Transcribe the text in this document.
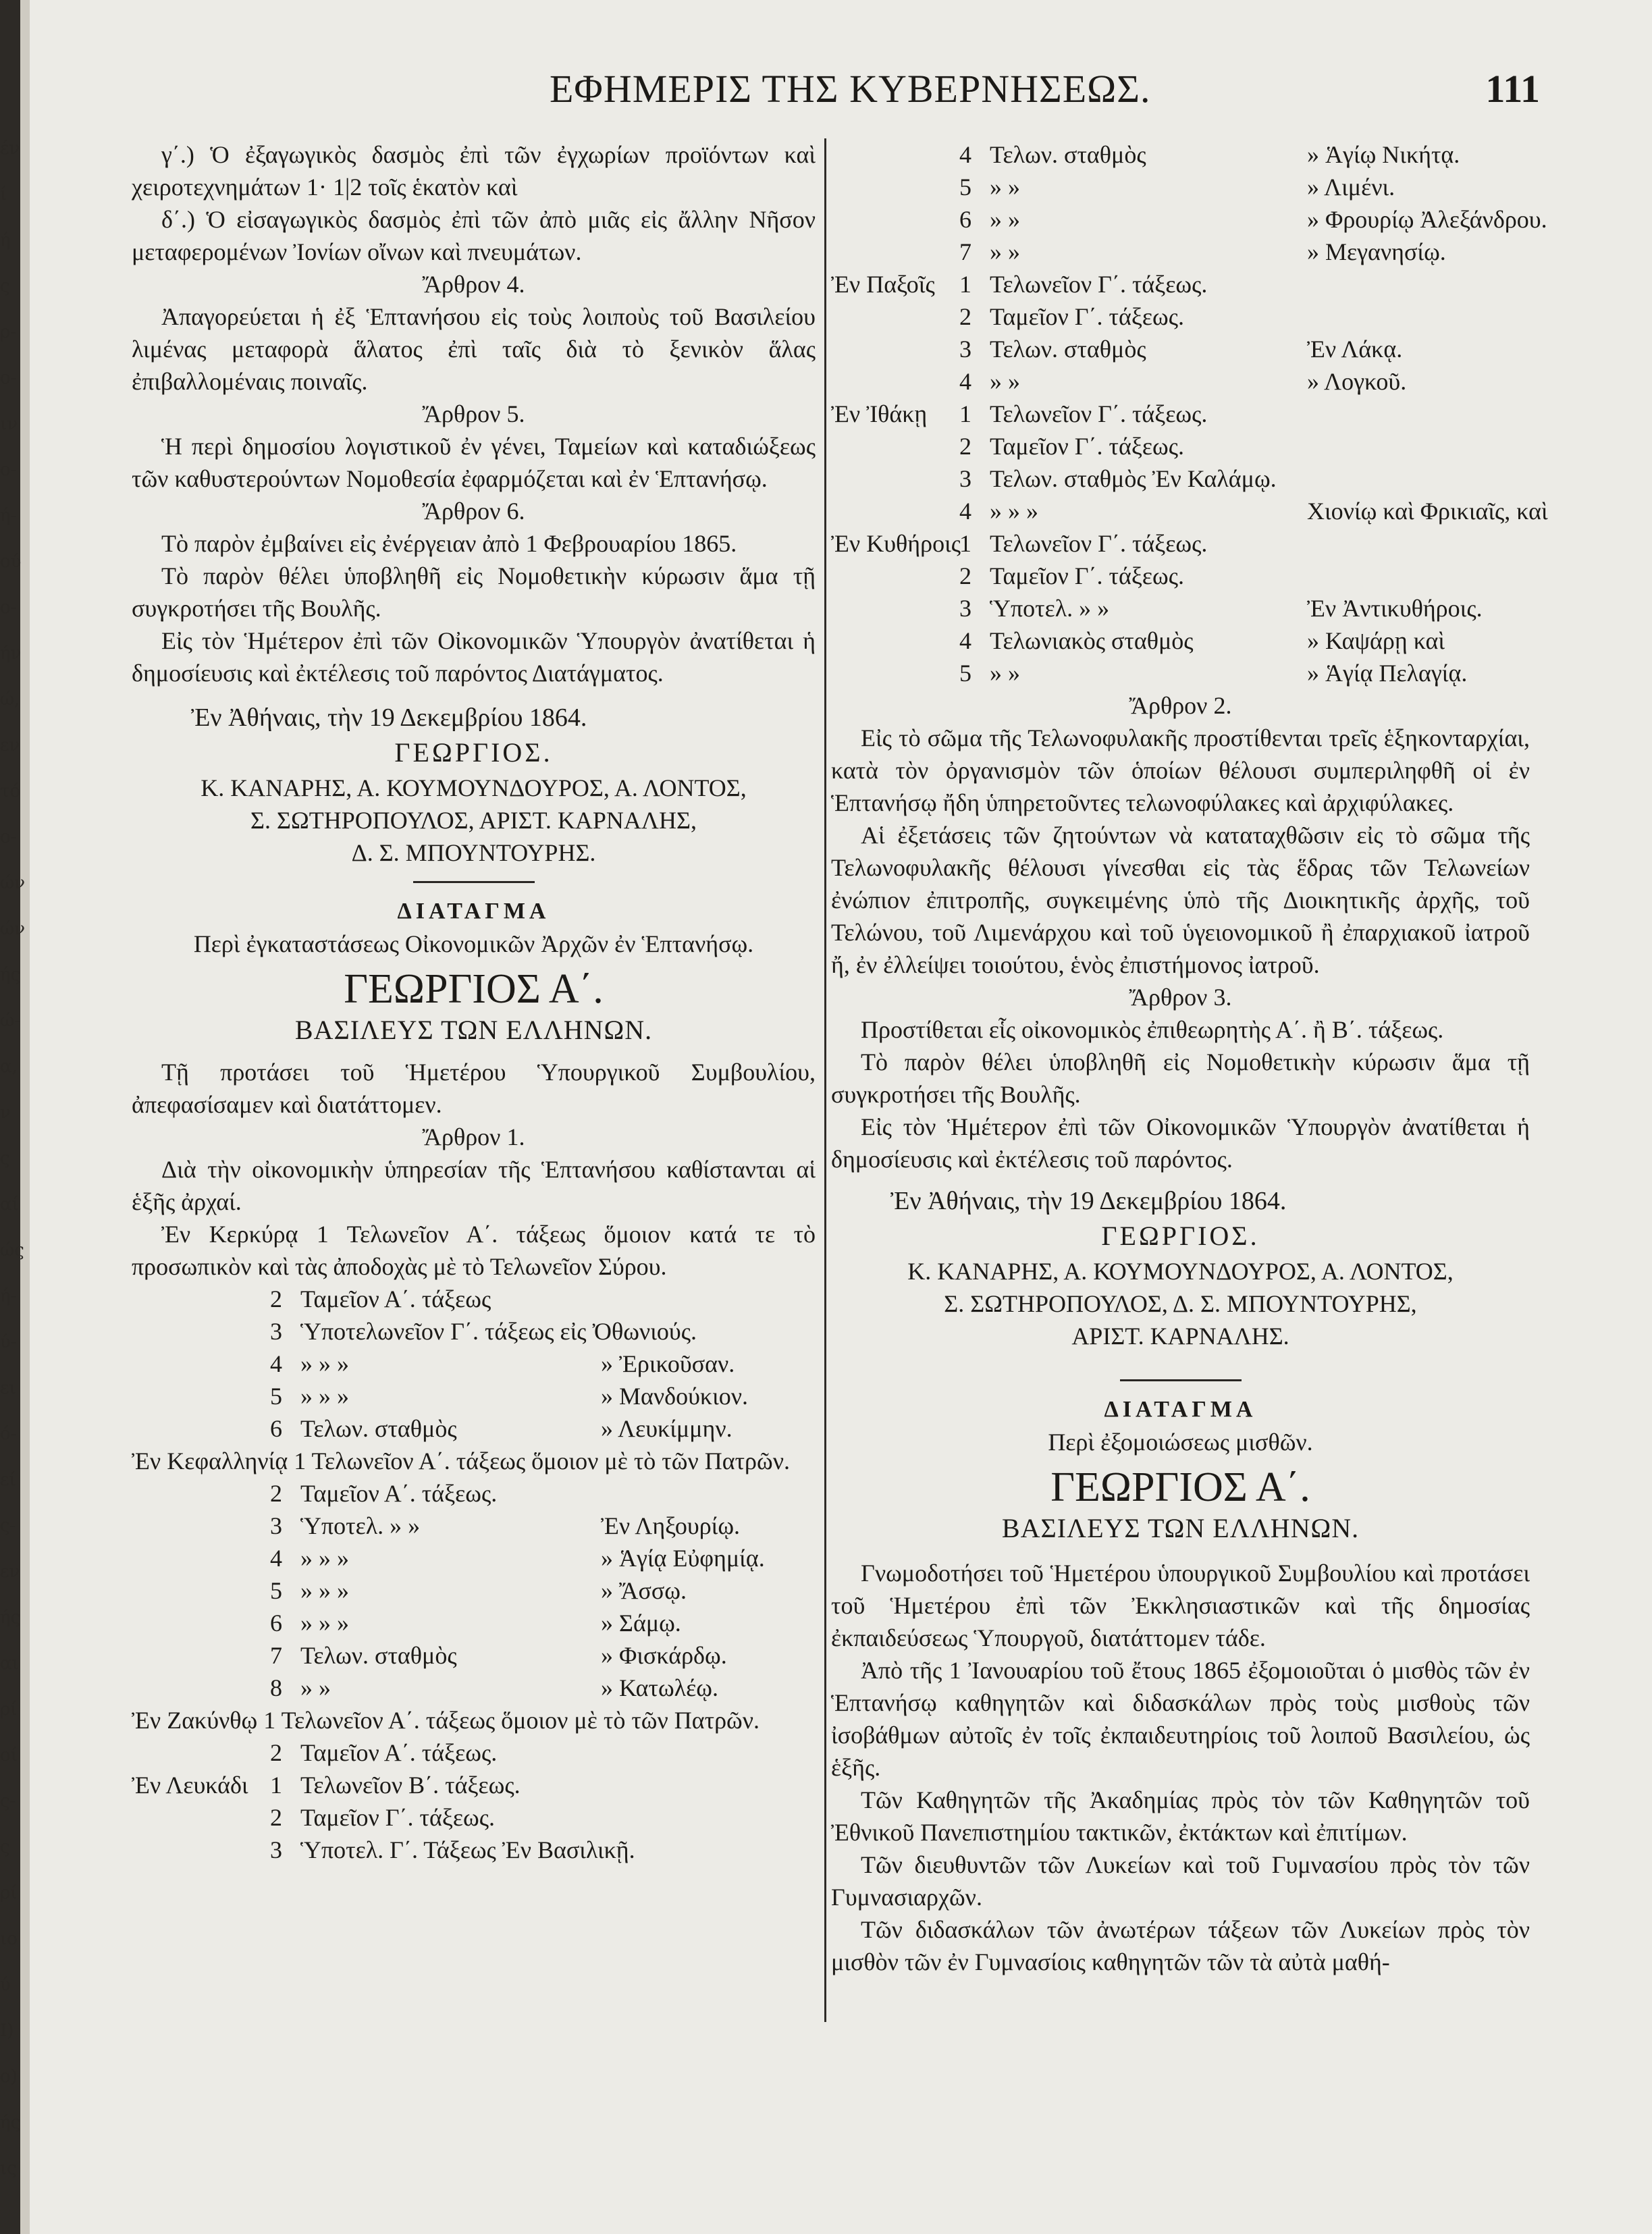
έν
ί
ή
ς
ρ-
ο-
ιν
ο-
ή-
ού
ο-
ήν
ώ,
εν
τό
ο-
ών
ών
ής
ώ-
α,
ν
ς
αί
ώς
ή-
ύ-
ει
ό-
εί
ς-
εν
ής
αι
ρί
οί
ς-
ς
ρί
ιο
ύ
Ι)
ο)
ής
ις
ΕΦΗΜΕΡΙΣ ΤΗΣ ΚΥΒΕΡΝΗΣΕΩΣ.	111

γ΄.) Ὁ ἐξαγωγικὸς δασμὸς ἐπὶ τῶν ἐγχωρίων προϊόντων καὶ χειροτεχνημάτων 1· 1|2 τοῖς ἑκατὸν καὶ

δ΄.) Ὁ εἰσαγωγικὸς δασμὸς ἐπὶ τῶν ἀπὸ μιᾶς εἰς ἄλλην Νῆσον μεταφερομένων Ἰονίων οἴνων καὶ πνευμάτων.

Ἄρθρον 4.

Ἀπαγορεύεται ἡ ἐξ Ἑπτανήσου εἰς τοὺς λοιποὺς τοῦ Βασιλείου λιμένας μεταφορὰ ἅλατος ἐπὶ ταῖς διὰ τὸ ξενικὸν ἅλας ἐπιβαλλομέναις ποιναῖς.

Ἄρθρον 5.

Ἡ περὶ δημοσίου λογιστικοῦ ἐν γένει, Ταμείων καὶ καταδιώξεως τῶν καθυστερούντων Νομοθεσία ἐφαρμόζεται καὶ ἐν Ἑπτανήσῳ.

Ἄρθρον 6.

Τὸ παρὸν ἐμβαίνει εἰς ἐνέργειαν ἀπὸ 1 Φεβρουαρίου 1865.

Τὸ παρὸν θέλει ὑποβληθῆ εἰς Νομοθετικὴν κύρωσιν ἅμα τῇ συγκροτήσει τῆς Βουλῆς.

Εἰς τὸν Ἡμέτερον ἐπὶ τῶν Οἰκονομικῶν Ὑπουργὸν ἀνατίθεται ἡ δημοσίευσις καὶ ἐκτέλεσις τοῦ παρόντος Διατάγματος.

Ἐν Ἀθήναις, τὴν 19 Δεκεμβρίου 1864.

ΓΕΩΡΓΙΟΣ.

Κ. ΚΑΝΑΡΗΣ, Α. ΚΟΥΜΟΥΝΔΟΥΡΟΣ, Α. ΛΟΝΤΟΣ,

Σ. ΣΩΤΗΡΟΠΟΥΛΟΣ, ΑΡΙΣΤ. ΚΑΡΝΑΛΗΣ,

Δ. Σ. ΜΠΟΥΝΤΟΥΡΗΣ.

ΔΙΑΤΑΓΜΑ

Περὶ ἐγκαταστάσεως Οἰκονομικῶν Ἀρχῶν ἐν Ἑπτανήσῳ.

ΓΕΩΡΓΙΟΣ Α΄.

ΒΑΣΙΛΕΥΣ ΤΩΝ ΕΛΛΗΝΩΝ.

Τῇ προτάσει τοῦ Ἡμετέρου Ὑπουργικοῦ Συμβουλίου, ἀπεφασίσαμεν καὶ διατάττομεν.

Ἄρθρον 1.

Διὰ τὴν οἰκονομικὴν ὑπηρεσίαν τῆς Ἑπτανήσου καθίστανται αἱ ἑξῆς ἀρχαί.

Ἐν Κερκύρᾳ 1 Τελωνεῖον Α΄. τάξεως ὅμοιον κατά τε τὸ προσωπικὸν καὶ τὰς ἀποδοχὰς μὲ τὸ Τελωνεῖον Σύρου.

2 Ταμεῖον Α΄. τάξεως
3 Ὑποτελωνεῖον Γ΄. τάξεως εἰς Ὀθωνιούς.
4 » » »	» Ἐρικοῦσαν.
5 » » »	» Μανδούκιον.
6 Τελων. σταθμὸς	» Λευκίμμην.

Ἐν Κεφαλληνίᾳ 1 Τελωνεῖον Α΄. τάξεως ὅμοιον μὲ τὸ τῶν Πατρῶν.

2 Ταμεῖον Α΄. τάξεως.
3 Ὑποτελ. » »	Ἐν Ληξουρίῳ.
4 » » »	» Ἁγίᾳ Εὐφημίᾳ.
5 » » »	» Ἄσσῳ.
6 » » »	» Σάμῳ.
7 Τελων. σταθμὸς	» Φισκάρδῳ.
8 » »	» Κατωλέῳ.

Ἐν Ζακύνθῳ 1 Τελωνεῖον Α΄. τάξεως ὅμοιον μὲ τὸ τῶν Πατρῶν.

2 Ταμεῖον Α΄. τάξεως.
Ἐν Λευκάδι 1 Τελωνεῖον Β΄. τάξεως.
2 Ταμεῖον Γ΄. τάξεως.
3 Ὑποτελ. Γ΄. Τάξεως Ἐν Βασιλικῇ.
4 Τελων. σταθμὸς	» Ἁγίῳ Νικήτᾳ.
5 » »	» Λιμένι.
6 » »	» Φρουρίῳ Ἀλεξάνδρου.
7 » »	» Μεγανησίῳ.
Ἐν Παξοῖς	1 Τελωνεῖον Γ΄. τάξεως.
2 Ταμεῖον Γ΄. τάξεως.
3 Τελων. σταθμὸς	Ἐν Λάκᾳ.
4 » »	» Λογκοῦ.
Ἐν Ἰθάκῃ	1 Τελωνεῖον Γ΄. τάξεως.
2 Ταμεῖον Γ΄. τάξεως.
3 Τελων. σταθμὸς Ἐν Καλάμῳ.
4 » » »	Χιονίῳ καὶ Φρικιαῖς, καὶ
Ἐν Κυθήροις
1 Τελωνεῖον Γ΄. τάξεως.
2 Ταμεῖον Γ΄. τάξεως.
3 Ὑποτελ. » »	Ἐν Ἀντικυθήροις.
4 Τελωνιακὸς σταθμὸς	» Καψάρῃ καὶ
5 » »	» Ἁγίᾳ Πελαγίᾳ.

Ἄρθρον 2.

Εἰς τὸ σῶμα τῆς Τελωνοφυλακῆς προστίθενται τρεῖς ἑξηκονταρχίαι, κατὰ τὸν ὀργανισμὸν τῶν ὁποίων θέλουσι συμπεριληφθῆ οἱ ἐν Ἑπτανήσῳ ἤδη ὑπηρετοῦντες τελωνοφύλακες καὶ ἀρχιφύλακες.

Αἱ ἐξετάσεις τῶν ζητούντων νὰ καταταχθῶσιν εἰς τὸ σῶμα τῆς Τελωνοφυλακῆς θέλουσι γίνεσθαι εἰς τὰς ἕδρας τῶν Τελωνείων ἐνώπιον ἐπιτροπῆς, συγκειμένης ὑπὸ τῆς Διοικητικῆς ἀρχῆς, τοῦ Τελώνου, τοῦ Λιμενάρχου καὶ τοῦ ὑγειονομικοῦ ἢ ἐπαρχιακοῦ ἰατροῦ ἤ, ἐν ἐλλείψει τοιούτου, ἑνὸς ἐπιστήμονος ἰατροῦ.

Ἄρθρον 3.

Προστίθεται εἷς οἰκονομικὸς ἐπιθεωρητὴς Α΄. ἢ Β΄. τάξεως.

Τὸ παρὸν θέλει ὑποβληθῆ εἰς Νομοθετικὴν κύρωσιν ἅμα τῇ συγκροτήσει τῆς Βουλῆς.

Εἰς τὸν Ἡμέτερον ἐπὶ τῶν Οἰκονομικῶν Ὑπουργὸν ἀνατίθεται ἡ δημοσίευσις καὶ ἐκτέλεσις τοῦ παρόντος.

Ἐν Ἀθήναις, τὴν 19 Δεκεμβρίου 1864.

ΓΕΩΡΓΙΟΣ.

Κ. ΚΑΝΑΡΗΣ, Α. ΚΟΥΜΟΥΝΔΟΥΡΟΣ, Α. ΛΟΝΤΟΣ,

Σ. ΣΩΤΗΡΟΠΟΥΛΟΣ, Δ. Σ. ΜΠΟΥΝΤΟΥΡΗΣ,

ΑΡΙΣΤ. ΚΑΡΝΑΛΗΣ.

ΔΙΑΤΑΓΜΑ

Περὶ ἐξομοιώσεως μισθῶν.

ΓΕΩΡΓΙΟΣ Α΄.

ΒΑΣΙΛΕΥΣ ΤΩΝ ΕΛΛΗΝΩΝ.

Γνωμοδοτήσει τοῦ Ἡμετέρου ὑπουργικοῦ Συμβουλίου καὶ προτάσει τοῦ Ἡμετέρου ἐπὶ τῶν Ἐκκλησιαστικῶν καὶ τῆς δημοσίας ἐκπαιδεύσεως Ὑπουργοῦ, διατάττομεν τάδε.

Ἀπὸ τῆς 1 Ἰανουαρίου τοῦ ἔτους 1865 ἐξομοιοῦται ὁ μισθὸς τῶν ἐν Ἑπτανήσῳ καθηγητῶν καὶ διδασκάλων πρὸς τοὺς μισθοὺς τῶν ἰσοβάθμων αὐτοῖς ἐν τοῖς ἐκπαιδευτηρίοις τοῦ λοιποῦ Βασιλείου, ὡς ἑξῆς.

Τῶν Καθηγητῶν τῆς Ἀκαδημίας πρὸς τὸν τῶν Καθηγητῶν τοῦ Ἐθνικοῦ Πανεπιστημίου τακτικῶν, ἐκτάκτων καὶ ἐπιτίμων.

Τῶν διευθυντῶν τῶν Λυκείων καὶ τοῦ Γυμνασίου πρὸς τὸν τῶν Γυμνασιαρχῶν.

Τῶν διδασκάλων τῶν ἀνωτέρων τάξεων τῶν Λυκείων πρὸς τὸν μισθὸν τῶν ἐν Γυμνασίοις καθηγητῶν τῶν τὰ αὐτὰ μαθή-
